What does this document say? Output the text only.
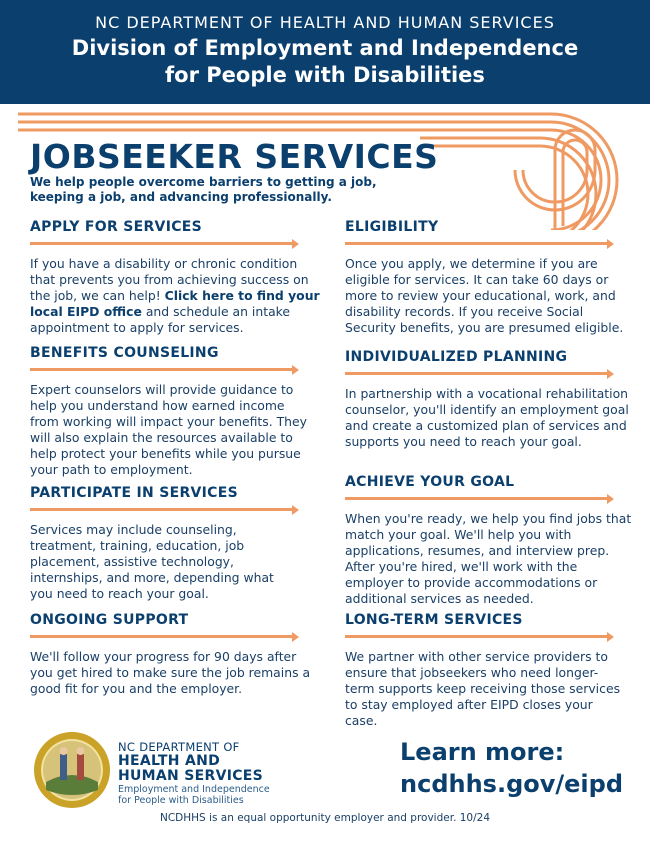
NC DEPARTMENT OF HEALTH AND HUMAN SERVICES
Division of Employment and Independence
for People with Disabilities
JOBSEEKER SERVICES
We help people overcome barriers to getting a job, keeping a job, and advancing professionally.
APPLY FOR SERVICES

If you have a disability or chronic condition that prevents you from achieving success on the job, we can help! Click here to find your local EIPD office and schedule an intake appointment to apply for services.

BENEFITS COUNSELING

Expert counselors will provide guidance to help you understand how earned income from working will impact your benefits. They will also explain the resources available to help protect your benefits while you pursue your path to employment.

PARTICIPATE IN SERVICES

Services may include counseling, treatment, training, education, job placement, assistive technology, internships, and more, depending what you need to reach your goal.

ONGOING SUPPORT

We'll follow your progress for 90 days after you get hired to make sure the job remains a good fit for you and the employer.

ELIGIBILITY

Once you apply, we determine if you are eligible for services. It can take 60 days or more to review your educational, work, and disability records. If you receive Social Security benefits, you are presumed eligible.

INDIVIDUALIZED PLANNING

In partnership with a vocational rehabilitation counselor, you'll identify an employment goal and create a customized plan of services and supports you need to reach your goal.

ACHIEVE YOUR GOAL

When you're ready, we help you find jobs that match your goal. We'll help you with applications, resumes, and interview prep. After you're hired, we'll work with the employer to provide accommodations or additional services as needed.

LONG-TERM SERVICES

We partner with other service providers to ensure that jobseekers who need longer-term supports keep receiving those services to stay employed after EIPD closes your case.

NC DEPARTMENT OF
HEALTH AND
HUMAN SERVICES
Employment and Independence
for People with Disabilities
Learn more:
ncdhhs.gov/eipd
NCDHHS is an equal opportunity employer and provider. 10/24
